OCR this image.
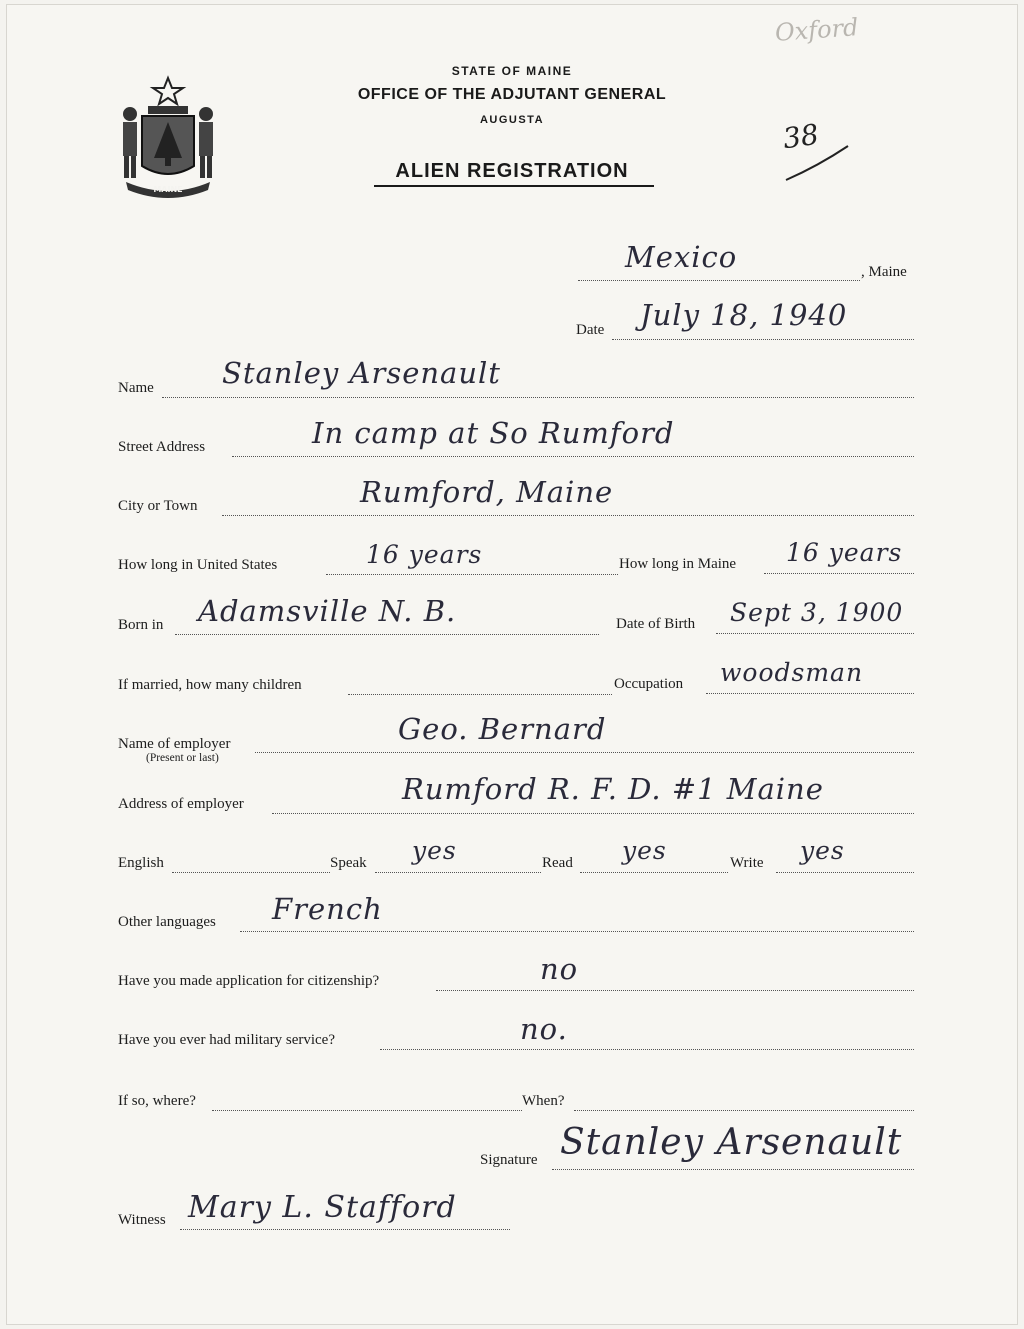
MAINE
STATE OF MAINE
OFFICE OF THE ADJUTANT GENERAL
AUGUSTA
ALIEN REGISTRATION
Oxford
38
Mexico	, Maine
Date July 18, 1940
Name Stanley Arsenault
Street Address	In camp at So Rumford
City or Town	Rumford, Maine
How long in United States	16 years	How long in Maine 16 years
Born in Adamsville N. B.	Date of Birth Sept 3, 1900
If married, how many children	Occupation woodsman
Name of employer
(Present or last)
Geo. Bernard
Address of employer	Rumford R. F. D. #1 Maine
English	Speak yes	Read yes	Write yes
Other languages French
Have you made application for citizenship?	no
Have you ever had military service?	no.
If so, where?	When?
Signature Stanley Arsenault
Witness Mary L. Stafford
